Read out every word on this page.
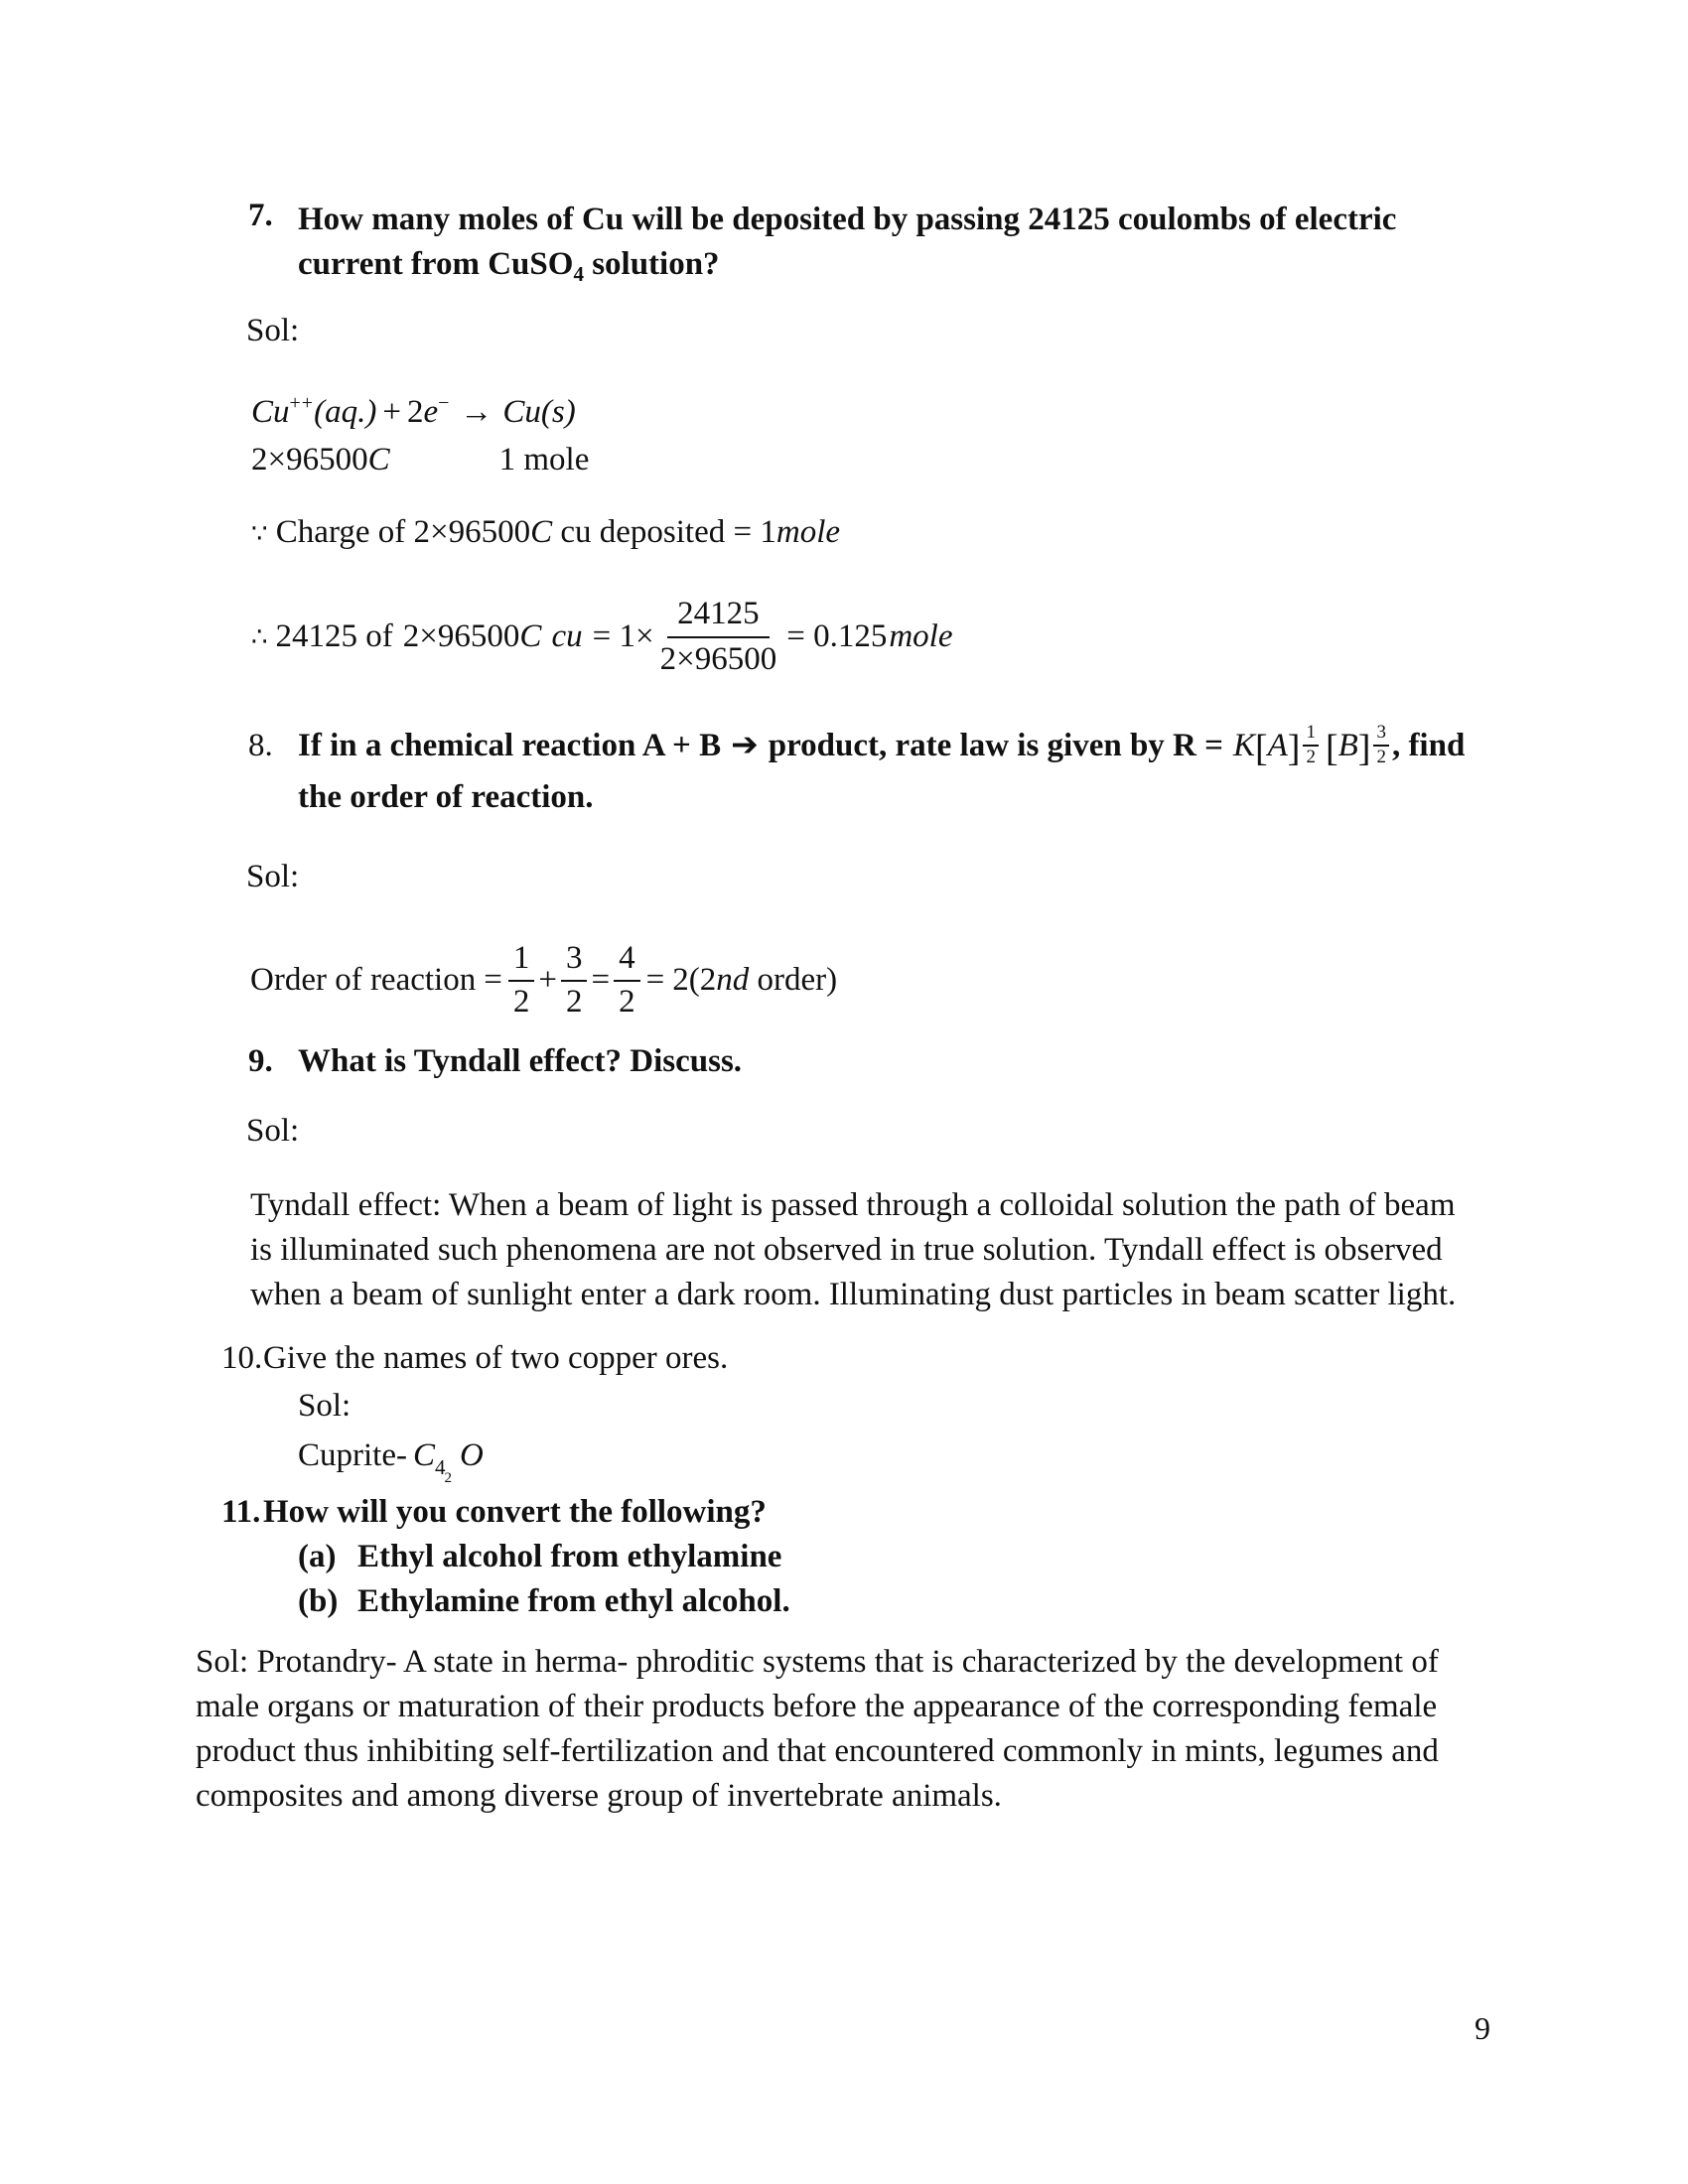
7. How many moles of Cu will be deposited by passing 24125 coulombs of electric
current from CuSO$_4$ solution?
Sol:
Cu++(aq.) + 2e− → Cu(s)
2×96500C	1 mole
∵ Charge of 2×96500C cu deposited = 1mole
∴ 24125 of 2×96500C cu = $1\times \frac{24125}{2\times 96500} = 0.125$ mole
8. If in a chemical reaction A + B ➔ product, rate law is given by $R = K[A] \frac{1}{2} [B] \frac{3}{2}$ , find
the order of reaction.
Sol:
Order of reaction = $\frac{1}{2} + \frac{3}{2} = \frac{4}{2} = 2(2nd$ order)
9. What is Tyndall effect? Discuss.
Sol:
Tyndall effect: When a beam of light is passed through a colloidal solution the path of beam is illuminated such phenomena are not observed in true solution. Tyndall effect is observed when a beam of sunlight enter a dark room. Illuminating dust particles in beam scatter light.
10. Give the names of two copper ores.
Sol:
Cuprite- $C_{42}O$
11. How will you convert the following?
(a) Ethyl alcohol from ethylamine
(b) Ethylamine from ethyl alcohol.
Sol: Protandry- A state in herma- phroditic systems that is characterized by the development of male organs or maturation of their products before the appearance of the corresponding female product thus inhibiting self-fertilization and that encountered commonly in mints, legumes and composites and among diverse group of invertebrate animals.
9
